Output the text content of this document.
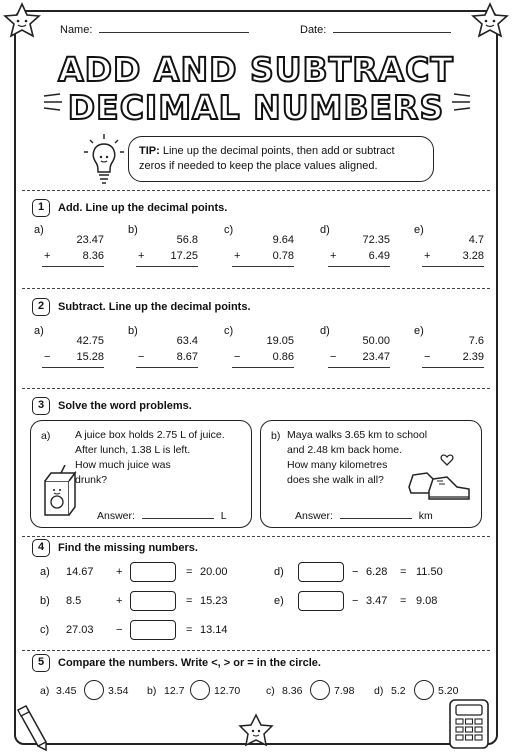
Name:	Date:
ADD AND SUBTRACT
DECIMAL NUMBERS
TIP: Line up the decimal points, then add or subtract zeros if needed to keep the place values aligned.
1	Add. Line up the decimal points.
a)
23.47
+	8.36
b)
56.8
+ 17.25
c)
9.64
+	0.78
d)
72.35
+	6.49
e)
4.7
+	3.28
2	Subtract. Line up the decimal points.
a)
42.75
− 15.28
b)
63.4
−	8.67
c)
19.05
−	0.86
d)
50.00
− 23.47
e)
7.6
−	2.39
3	Solve the word problems.
a) A juice box holds 2.75 L of juice.
After lunch, 1.38 L is left.
How much juice was
drunk?
Answer:	L
b) Maya walks 3.65 km to school
and 2.48 km back home.
How many kilometres
does she walk in all?
Answer:	km
4	Find the missing numbers.
a) 14.67 +	= 20.00
b) 8.5	+	= 15.23
c) 27.03 −	= 13.14
d)	− 6.28 = 11.50
e)	− 3.47 = 9.08
5	Compare the numbers. Write <, > or = in the circle.
a) 3.45	3.54 b) 12.7	12.70 c) 8.36	7.98 d) 5.2	5.20
